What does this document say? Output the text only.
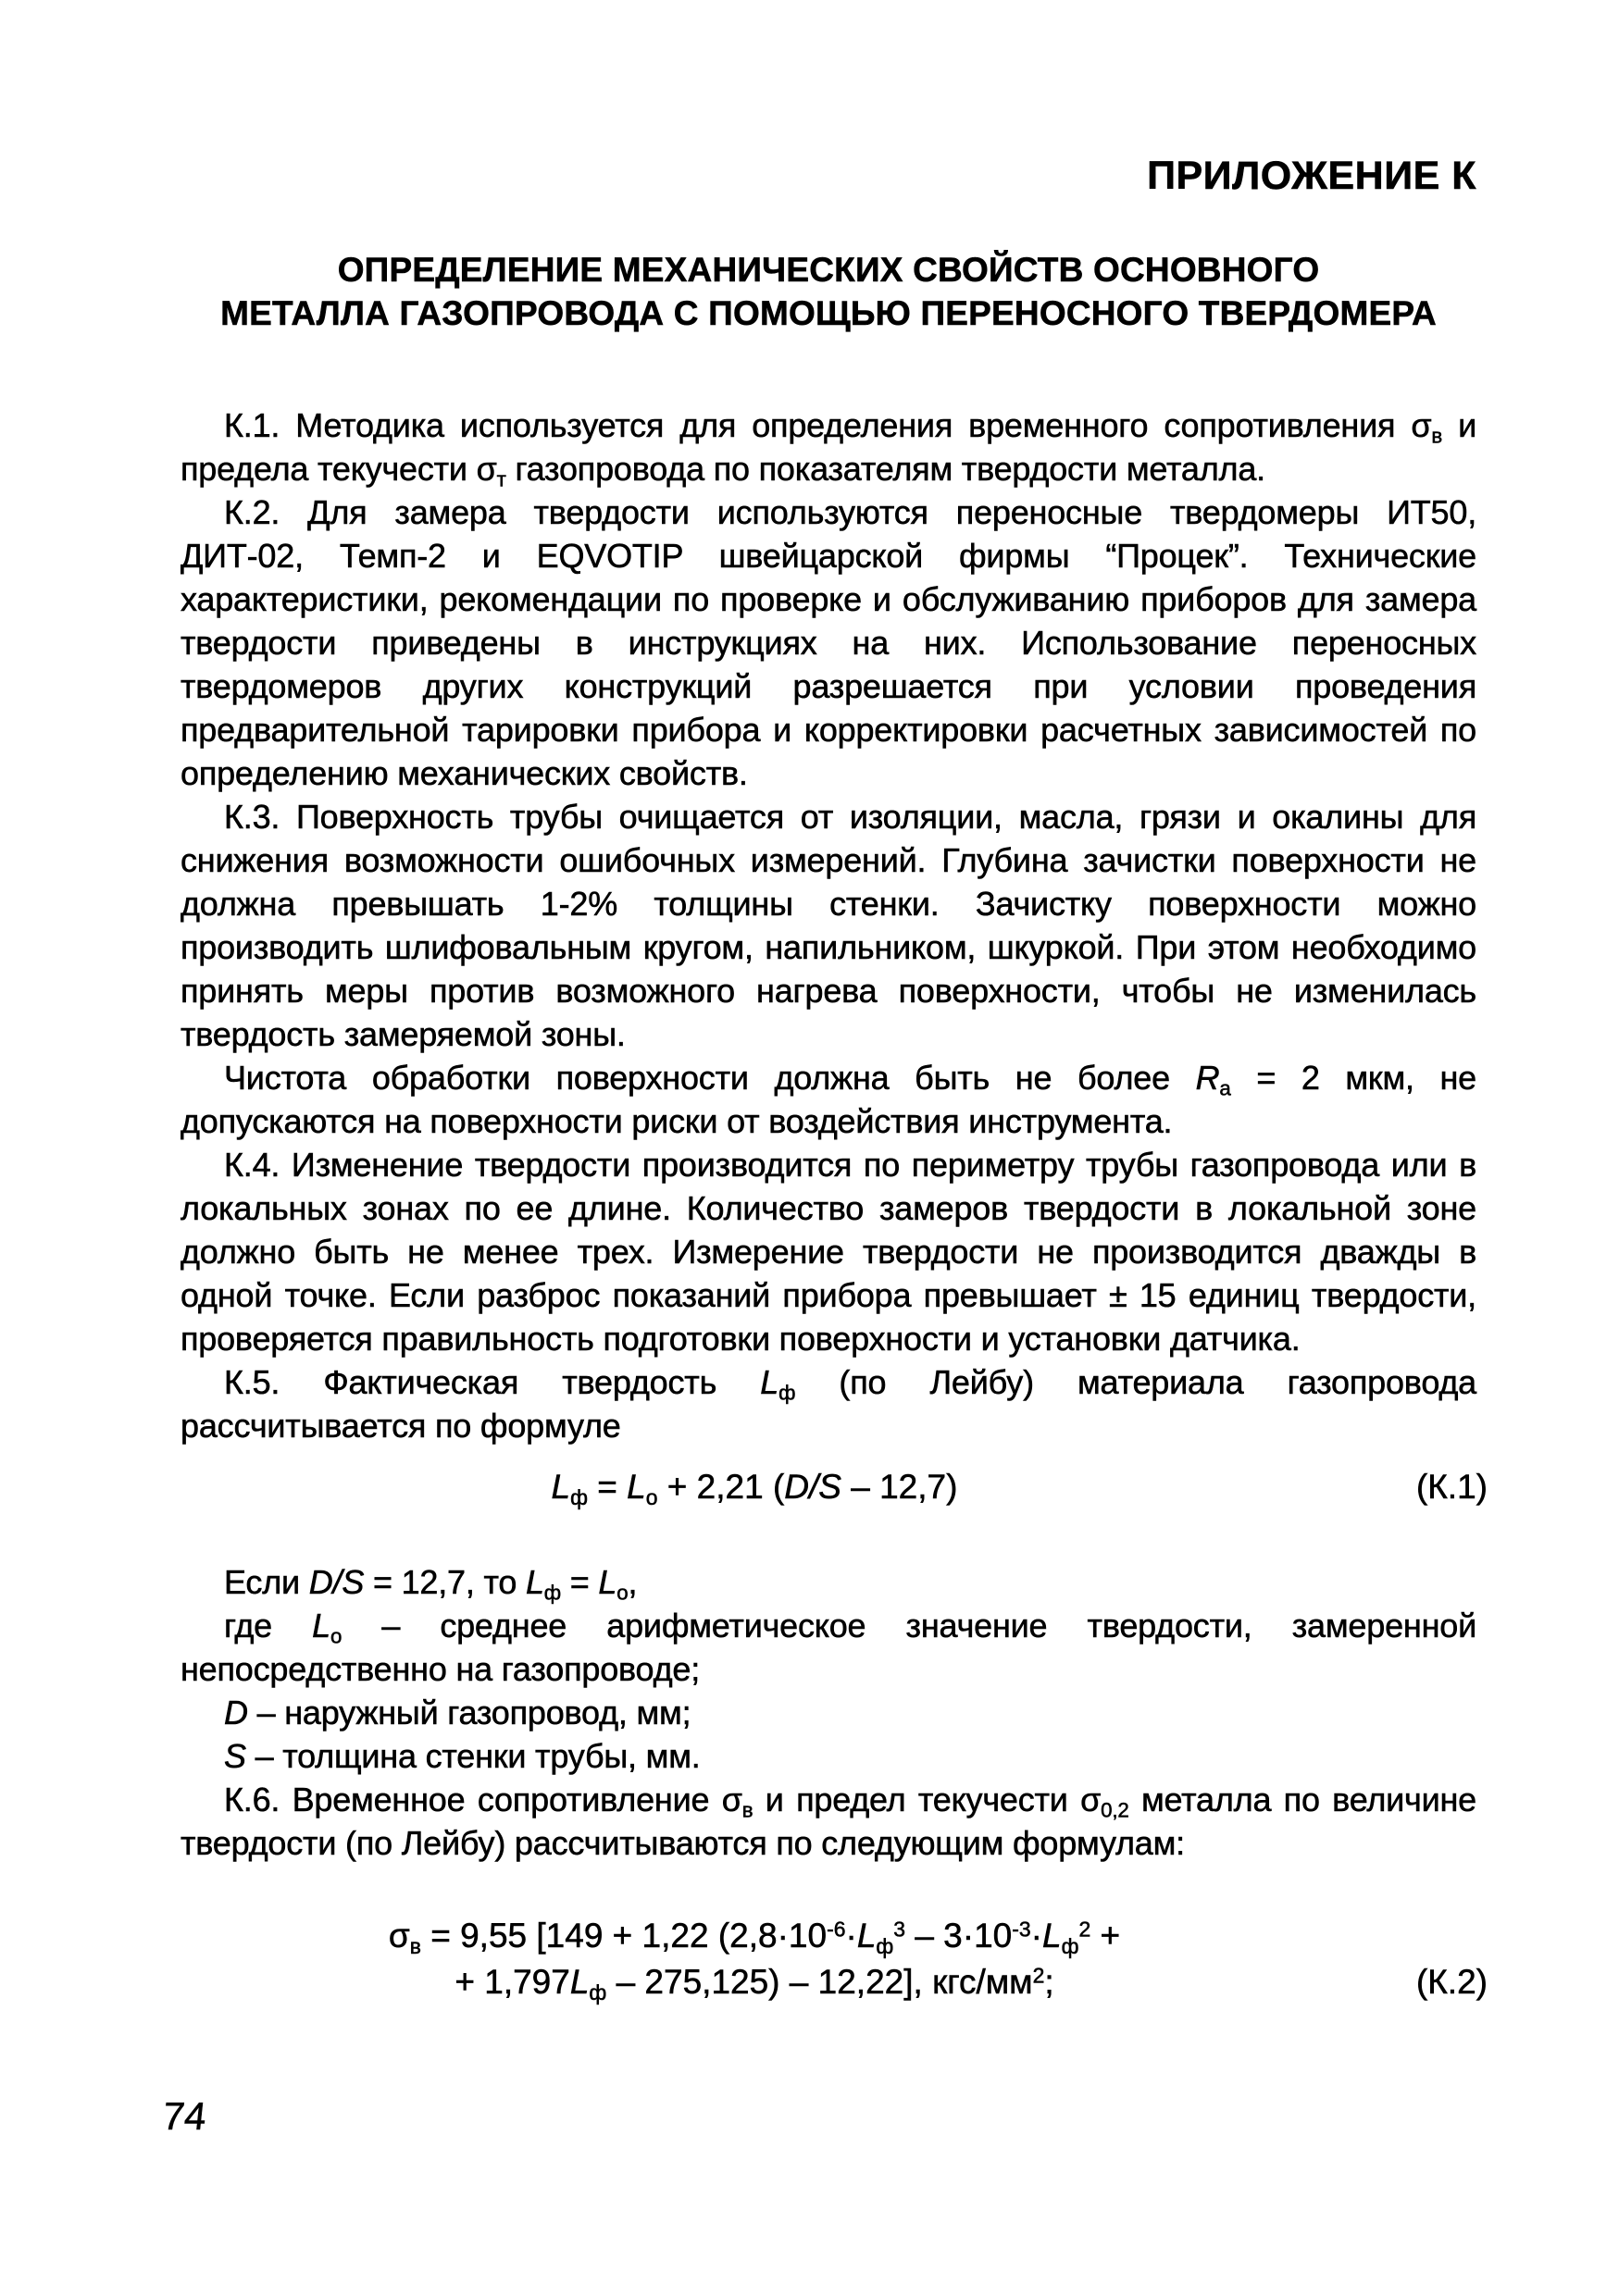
ПРИЛОЖЕНИЕ К
ОПРЕДЕЛЕНИЕ МЕХАНИЧЕСКИХ СВОЙСТВ ОСНОВНОГО
МЕТАЛЛА ГАЗОПРОВОДА С ПОМОЩЬЮ ПЕРЕНОСНОГО ТВЕРДОМЕРА

К.1. Методика используется для определения временного сопротивления $\sigma_в$ и предела текучести $\sigma_т$ газопровода по показателям твердости металла.

К.2. Для замера твердости используются переносные твердомеры ИТ50, ДИТ-02, Темп-2 и EQVOTIP швейцарской фирмы “Процек”. Технические характеристики, рекомендации по проверке и обслуживанию приборов для замера твердости приведены в инструкциях на них. Использование переносных твердомеров других конструкций разрешается при условии проведения предварительной тарировки прибора и корректировки расчетных зависимостей по определению механических свойств.

К.3. Поверхность трубы очищается от изоляции, масла, грязи и окалины для снижения возможности ошибочных измерений. Глубина зачистки поверхности не должна превышать 1-2% толщины стенки. Зачистку поверхности можно производить шлифовальным кругом, напильником, шкуркой. При этом необходимо принять меры против возможного нагрева поверхности, чтобы не изменилась твердость замеряемой зоны.

Чистота обработки поверхности должна быть не более $R_а = 2$ мкм, не допускаются на поверхности риски от воздействия инструмента.

К.4. Изменение твердости производится по периметру трубы газопровода или в локальных зонах по ее длине. Количество замеров твердости в локальной зоне должно быть не менее трех. Измерение твердости не производится дважды в одной точке. Если разброс показаний прибора превышает ± 15 единиц твердости, проверяется правильность подготовки поверхности и установки датчика.

К.5. Фактическая твердость $L_ф$ (по Лейбу) материала газопровода рассчитывается по формуле

$L_ф = L_о + 2,21$ (D/S – 12,7)	(К.1)

Если D/S = 12,7, то $L_ф = L_о$,

где $L_о$ – среднее арифметическое значение твердости, замеренной непосредственно на газопроводе;

D – наружный газопровод, мм;

S – толщина стенки трубы, мм.

К.6. Временное сопротивление $\sigma_в$ и предел текучести $\sigma_{0,2}$ металла по величине твердости (по Лейбу) рассчитываются по следующим формулам:

$\sigma_в = 9,55$ [149 + 1,22 ($2,8\cdot 10^{-6}\cdot L_ф^3 - 3\cdot 10^{-3}\cdot L_ф^2$ +
+ $1,797L_ф - 275,125) - 12,22$], кгс/$мм^2$;	(К.2)
74
